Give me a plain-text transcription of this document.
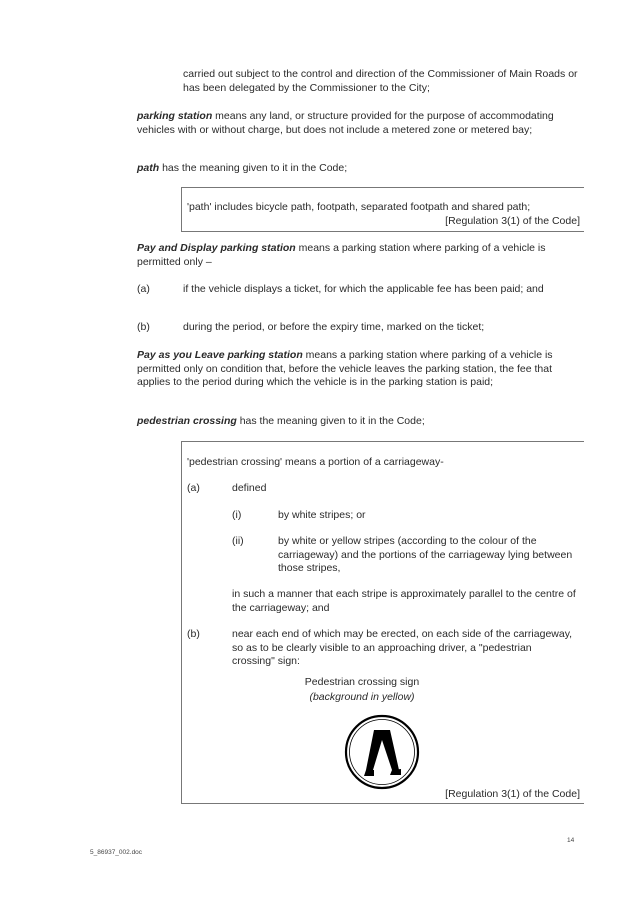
carried out subject to the control and direction of the Commissioner of Main Roads or has been delegated by the Commissioner to the City;

parking station means any land, or structure provided for the purpose of accommodating vehicles with or without charge, but does not include a metered zone or metered bay;

path has the meaning given to it in the Code;

'path' includes bicycle path, footpath, separated footpath and shared path;

[Regulation 3(1) of the Code]

Pay and Display parking station means a parking station where parking of a vehicle is permitted only –

(a)	if the vehicle displays a ticket, for which the applicable fee has been paid; and
(b)	during the period, or before the expiry time, marked on the ticket;

Pay as you Leave parking station means a parking station where parking of a vehicle is permitted only on condition that, before the vehicle leaves the parking station, the fee that applies to the period during which the vehicle is in the parking station is paid;

pedestrian crossing has the meaning given to it in the Code;

'pedestrian crossing' means a portion of a carriageway-
(a)	defined
(i)	by white stripes; or
(ii)	by white or yellow stripes (according to the colour of the carriageway) and the portions of the carriageway lying between those stripes,
in such a manner that each stripe is approximately parallel to the centre of the carriageway; and
(b)	near each end of which may be erected, on each side of the carriageway, so as to be clearly visible to an approaching driver, a "pedestrian crossing" sign:
Pedestrian crossing sign
(background in yellow)
[Regulation 3(1) of the Code]
14
5_86937_002.doc
